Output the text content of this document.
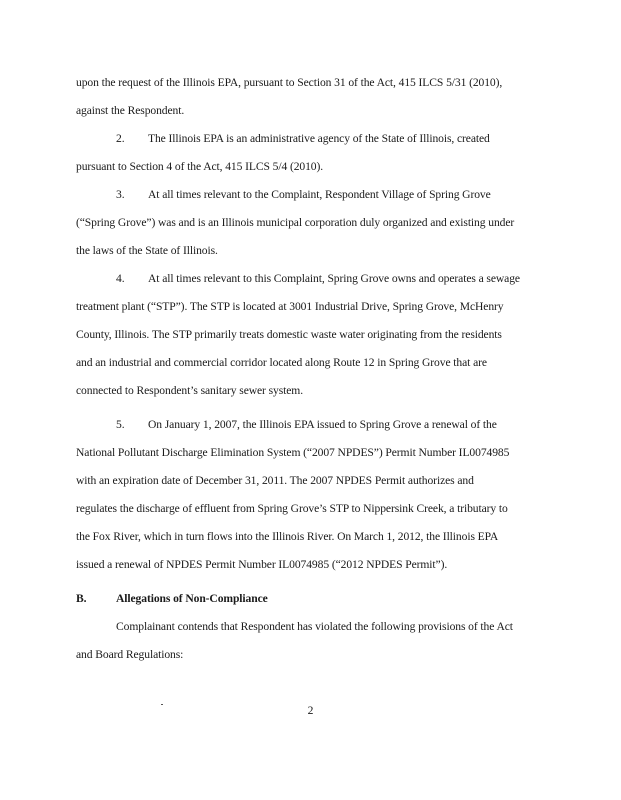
upon the request of the Illinois EPA, pursuant to Section 31 of the Act, 415 ILCS 5/31 (2010),
against the Respondent.
2.	The Illinois EPA is an administrative agency of the State of Illinois, created
pursuant to Section 4 of the Act, 415 ILCS 5/4 (2010).
3.	At all times relevant to the Complaint, Respondent Village of Spring Grove
(“Spring Grove”) was and is an Illinois municipal corporation duly organized and existing under
the laws of the State of Illinois.
4.	At all times relevant to this Complaint, Spring Grove owns and operates a sewage
treatment plant (“STP”). The STP is located at 3001 Industrial Drive, Spring Grove, McHenry
County, Illinois. The STP primarily treats domestic waste water originating from the residents
and an industrial and commercial corridor located along Route 12 in Spring Grove that are
connected to Respondent’s sanitary sewer system.
5.	On January 1, 2007, the Illinois EPA issued to Spring Grove a renewal of the
National Pollutant Discharge Elimination System (“2007 NPDES”) Permit Number IL0074985
with an expiration date of December 31, 2011. The 2007 NPDES Permit authorizes and
regulates the discharge of effluent from Spring Grove’s STP to Nippersink Creek, a tributary to
the Fox River, which in turn flows into the Illinois River. On March 1, 2012, the Illinois EPA
issued a renewal of NPDES Permit Number IL0074985 (“2012 NPDES Permit”).
B.	Allegations of Non-Compliance
Complainant contends that Respondent has violated the following provisions of the Act
and Board Regulations:
2
